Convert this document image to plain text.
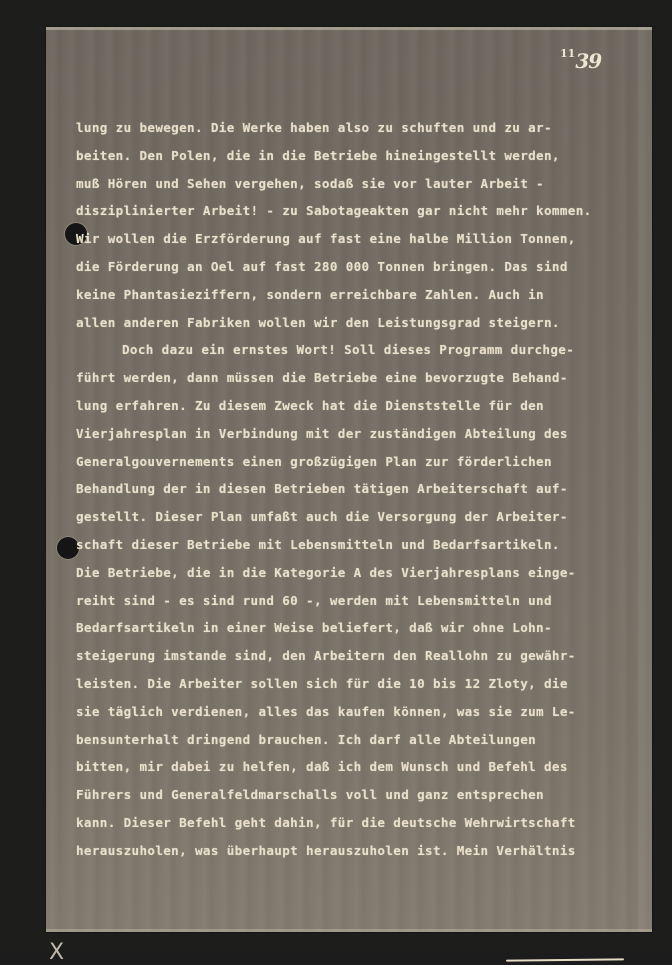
$^{11}$39
lung zu bewegen. Die Werke haben also zu schuften und zu ar-
beiten. Den Polen, die in die Betriebe hineingestellt werden,
muß Hören und Sehen vergehen, sodaß sie vor lauter Arbeit -
disziplinierter Arbeit! - zu Sabotageakten gar nicht mehr kommen.
Wir wollen die Erzförderung auf fast eine halbe Million Tonnen,
die Förderung an Oel auf fast 280 000 Tonnen bringen. Das sind
keine Phantasieziffern, sondern erreichbare Zahlen. Auch in
allen anderen Fabriken wollen wir den Leistungsgrad steigern.
Doch dazu ein ernstes Wort! Soll dieses Programm durchge-
führt werden, dann müssen die Betriebe eine bevorzugte Behand-
lung erfahren. Zu diesem Zweck hat die Dienststelle für den
Vierjahresplan in Verbindung mit der zuständigen Abteilung des
Generalgouvernements einen großzügigen Plan zur förderlichen
Behandlung der in diesen Betrieben tätigen Arbeiterschaft auf-
gestellt. Dieser Plan umfaßt auch die Versorgung der Arbeiter-
schaft dieser Betriebe mit Lebensmitteln und Bedarfsartikeln.
Die Betriebe, die in die Kategorie A des Vierjahresplans einge-
reiht sind - es sind rund 60 -, werden mit Lebensmitteln und
Bedarfsartikeln in einer Weise beliefert, daß wir ohne Lohn-
steigerung imstande sind, den Arbeitern den Reallohn zu gewähr-
leisten. Die Arbeiter sollen sich für die 10 bis 12 Zloty, die
sie täglich verdienen, alles das kaufen können, was sie zum Le-
bensunterhalt dringend brauchen. Ich darf alle Abteilungen
bitten, mir dabei zu helfen, daß ich dem Wunsch und Befehl des
Führers und Generalfeldmarschalls voll und ganz entsprechen
kann. Dieser Befehl geht dahin, für die deutsche Wehrwirtschaft
herauszuholen, was überhaupt herauszuholen ist. Mein Verhältnis
X
